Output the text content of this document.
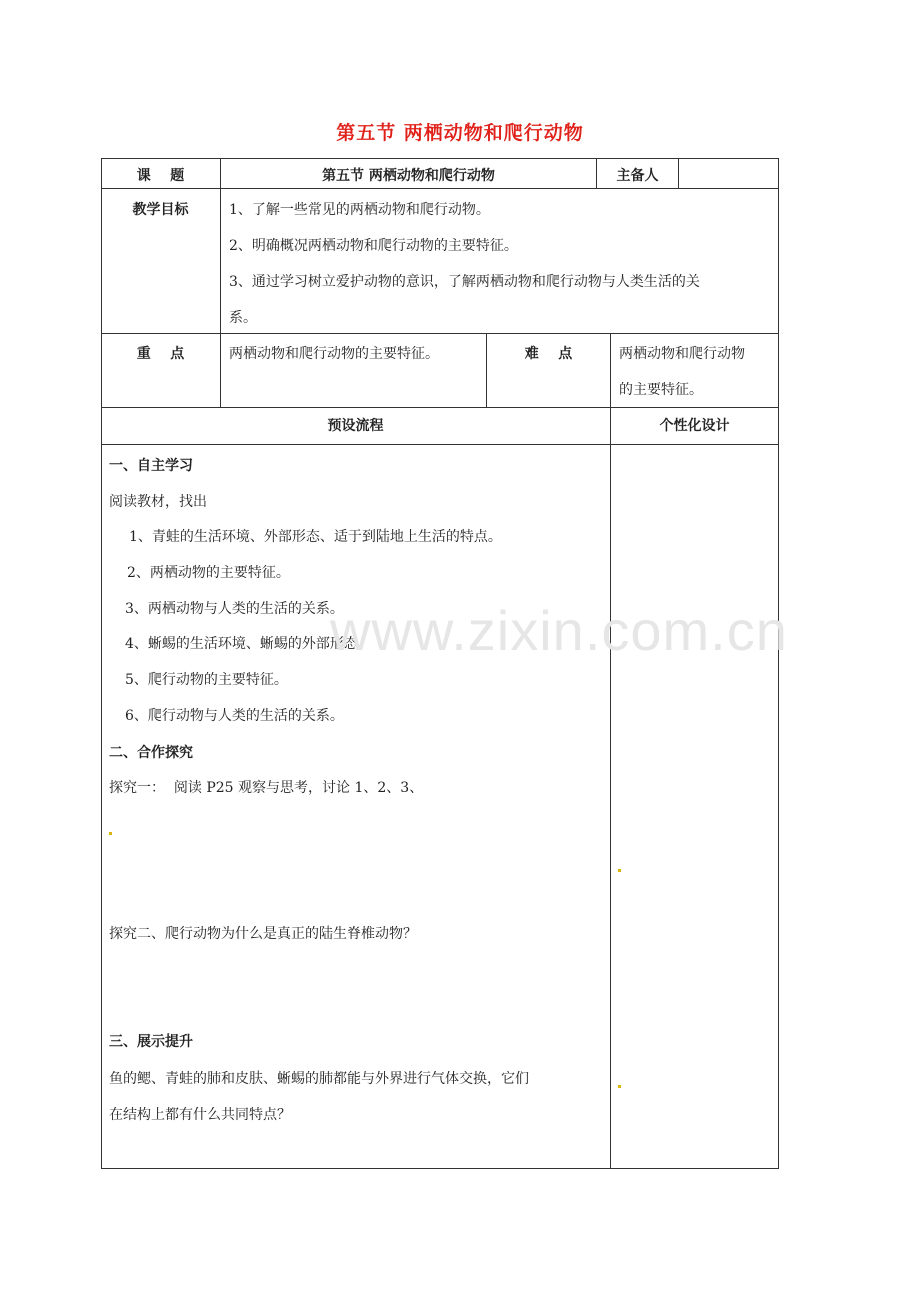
第五节 两栖动物和爬行动物
课    题	第五节 两栖动物和爬行动物	主备人
教学目标	1、了解一些常见的两栖动物和爬行动物。
2、明确概况两栖动物和爬行动物的主要特征。
3、通过学习树立爱护动物的意识，了解两栖动物和爬行动物与人类生活的关
系。
重    点	两栖动物和爬行动物的主要特征。	难    点	两栖动物和爬行动物
的主要特征。
预设流程	个性化设计
一、自主学习
阅读教材，找出
1、青蛙的生活环境、外部形态、适于到陆地上生活的特点。
2、两栖动物的主要特征。
3、两栖动物与人类的生活的关系。
4、蜥蜴的生活环境、蜥蜴的外部形态。
5、爬行动物的主要特征。
6、爬行动物与人类的生活的关系。
二、合作探究
探究一：  阅读 P25 观察与思考，讨论 1、2、3、
探究二、爬行动物为什么是真正的陆生脊椎动物？
三、展示提升
鱼的鳃、青蛙的肺和皮肤、蜥蜴的肺都能与外界进行气体交换，它们
在结构上都有什么共同特点？
www.zixin.com.cn
